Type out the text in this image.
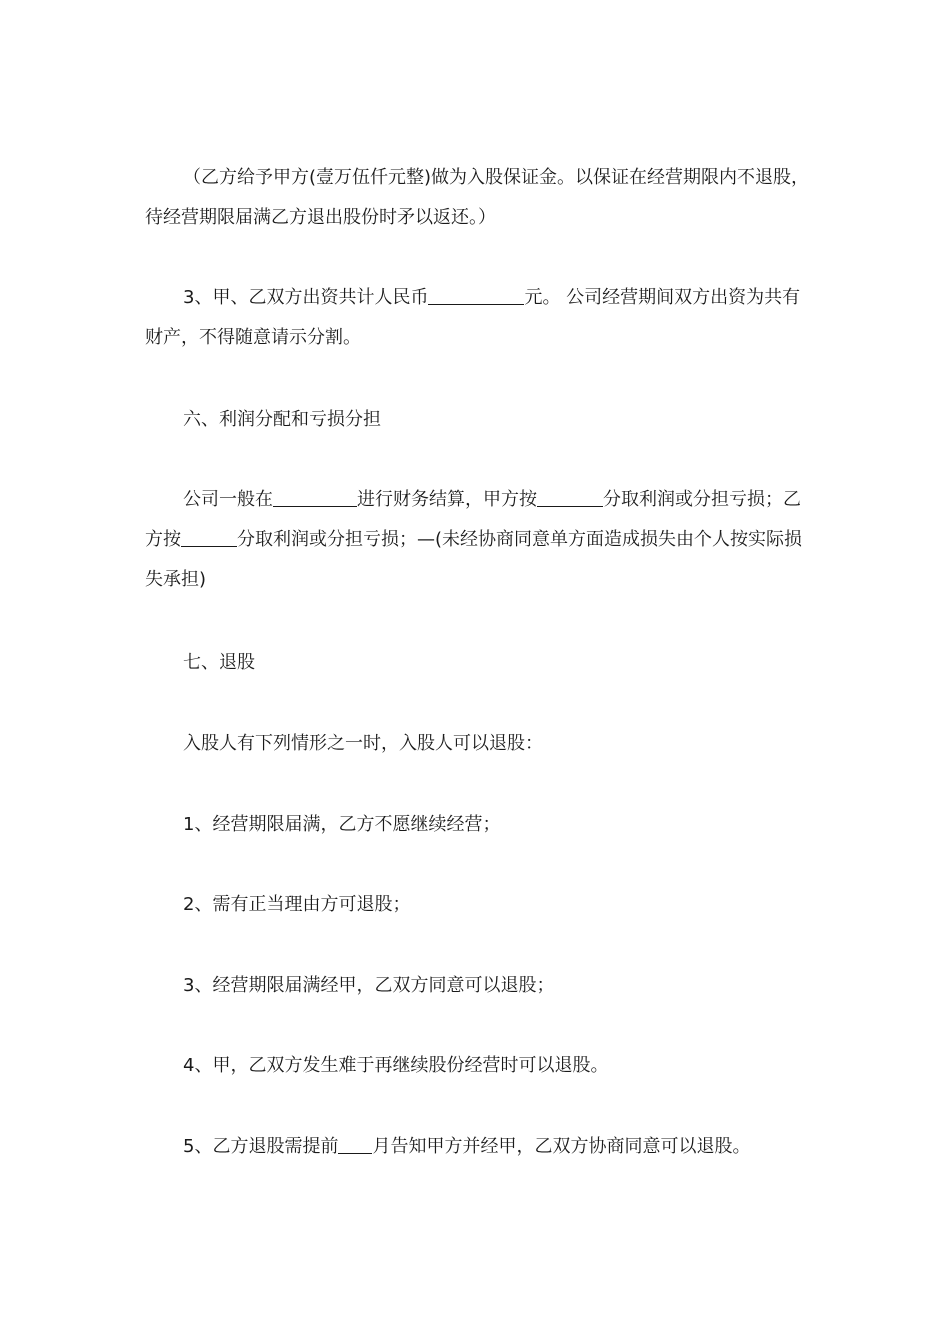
（乙方给予甲方(壹万伍仟元整)做为入股保证金。以保证在经营期限内不退股，待经营期限届满乙方退出股份时矛以返还。）

3、甲、乙双方出资共计人民币	元。 公司经营期间双方出资为共有财产，不得随意请示分割。

六、利润分配和亏损分担

公司一般在	进行财务结算，甲方按	分取利润或分担亏损；乙方按	分取利润或分担亏损；—(未经协商同意单方面造成损失由个人按实际损失承担)

七、退股

入股人有下列情形之一时，入股人可以退股：

1、经营期限届满，乙方不愿继续经营；

2、需有正当理由方可退股；

3、经营期限届满经甲，乙双方同意可以退股；

4、甲，乙双方发生难于再继续股份经营时可以退股。

5、乙方退股需提前 月告知甲方并经甲，乙双方协商同意可以退股。
